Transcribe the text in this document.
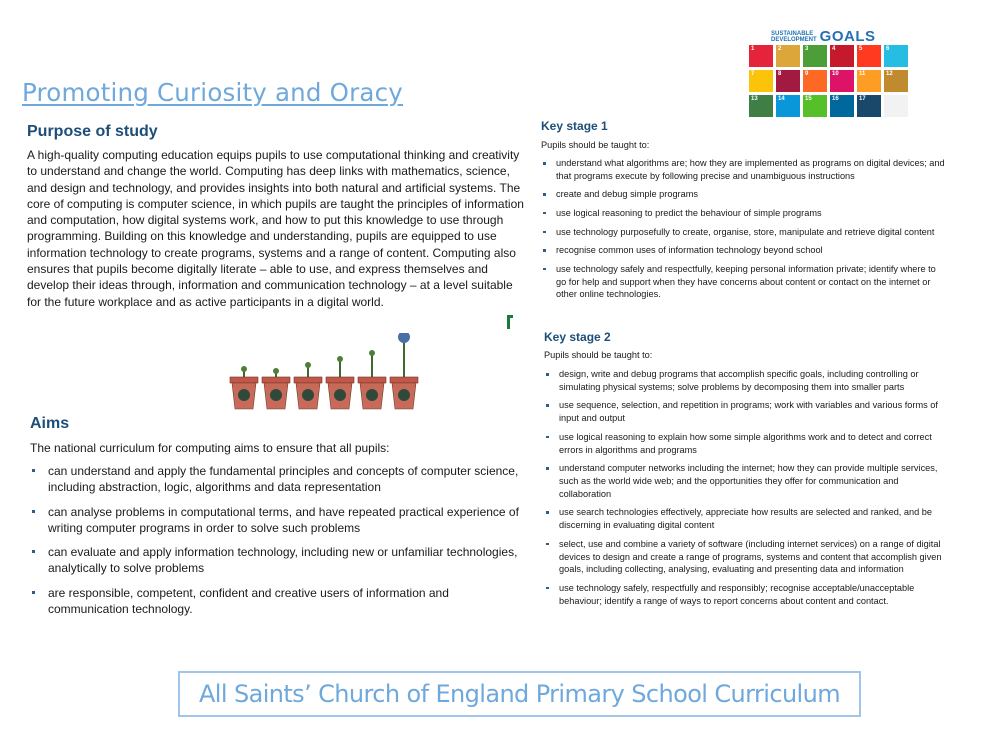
Promoting Curiosity and Oracy
SUSTAINABLE
DEVELOPMENT GOALS
1	2	3	4	5	6
7	8	9	10	11	12
13	14	15	16	17
Purpose of study

A high-quality computing education equips pupils to use computational thinking and creativity to understand and change the world. Computing has deep links with mathematics, science, and design and technology, and provides insights into both natural and artificial systems. The core of computing is computer science, in which pupils are taught the principles of information and computation, how digital systems work, and how to put this knowledge to use through programming. Building on this knowledge and understanding, pupils are equipped to use information technology to create programs, systems and a range of content. Computing also ensures that pupils become digitally literate – able to use, and express themselves and develop their ideas through, information and communication technology – at a level suitable for the future workplace and as active participants in a digital world.

Aims
The national curriculum for computing aims to ensure that all pupils:
can understand and apply the fundamental principles and concepts of computer science, including abstraction, logic, algorithms and data representation
can analyse problems in computational terms, and have repeated practical experience of writing computer programs in order to solve such problems
can evaluate and apply information technology, including new or unfamiliar technologies, analytically to solve problems
are responsible, competent, confident and creative users of information and communication technology.
Key stage 1
Pupils should be taught to:
understand what algorithms are; how they are implemented as programs on digital devices; and that programs execute by following precise and unambiguous instructions
create and debug simple programs
use logical reasoning to predict the behaviour of simple programs
use technology purposefully to create, organise, store, manipulate and retrieve digital content
recognise common uses of information technology beyond school
use technology safely and respectfully, keeping personal information private; identify where to go for help and support when they have concerns about content or contact on the internet or other online technologies.
Key stage 2
Pupils should be taught to:
design, write and debug programs that accomplish specific goals, including controlling or simulating physical systems; solve problems by decomposing them into smaller parts
use sequence, selection, and repetition in programs; work with variables and various forms of input and output
use logical reasoning to explain how some simple algorithms work and to detect and correct errors in algorithms and programs
understand computer networks including the internet; how they can provide multiple services, such as the world wide web; and the opportunities they offer for communication and collaboration
use search technologies effectively, appreciate how results are selected and ranked, and be discerning in evaluating digital content
select, use and combine a variety of software (including internet services) on a range of digital devices to design and create a range of programs, systems and content that accomplish given goals, including collecting, analysing, evaluating and presenting data and information
use technology safely, respectfully and responsibly; recognise acceptable/unacceptable behaviour; identify a range of ways to report concerns about content and contact.
All Saints’ Church of England Primary School Curriculum
